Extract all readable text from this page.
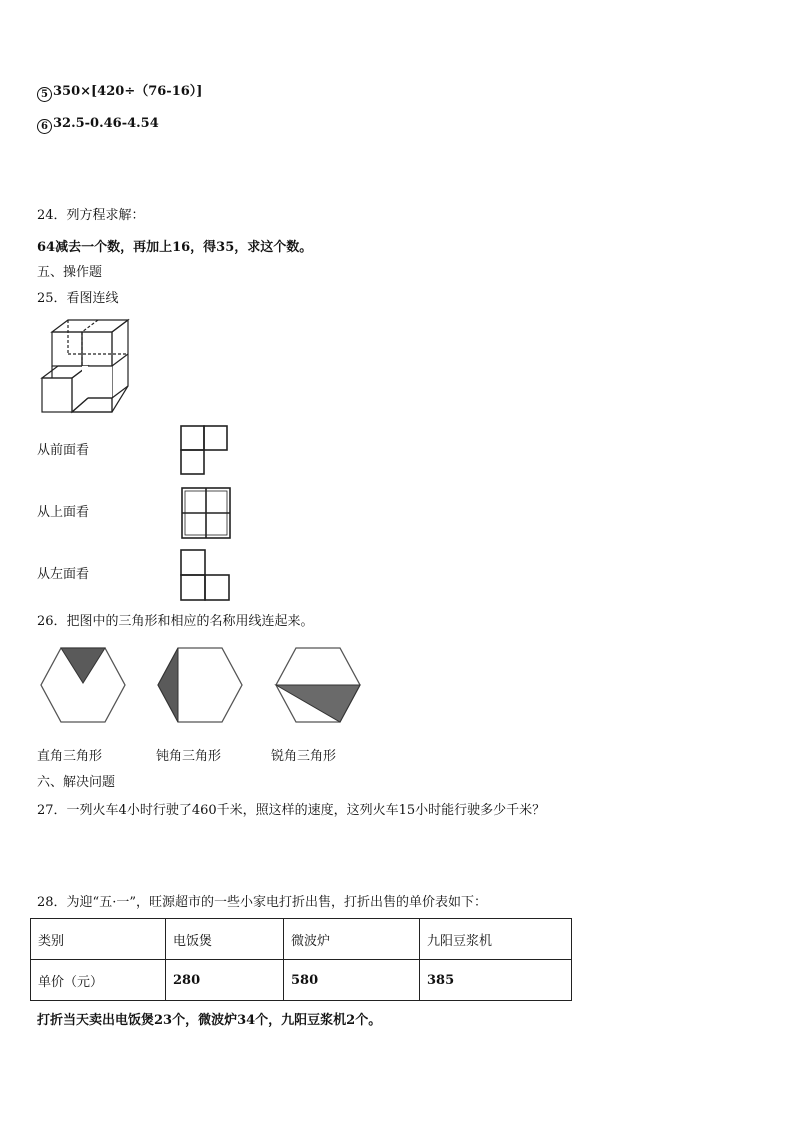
5 350×[420÷（76-16）]
6 32.5-0.46-4.54
24．列方程求解：
64减去一个数，再加上16，得35，求这个数。
五、操作题
25．看图连线
从前面看
从上面看
从左面看
26．把图中的三角形和相应的名称用线连起来。
直角三角形	钝角三角形	锐角三角形
六、解决问题
27．一列火车4小时行驶了460千米，照这样的速度，这列火车15小时能行驶多少千米？
28．为迎“五·一”，旺源超市的一些小家电打折出售，打折出售的单价表如下：
类别	电饭煲	微波炉	九阳豆浆机
单价（元）	280	580	385
打折当天卖出电饭煲23个，微波炉34个，九阳豆浆机2个。
